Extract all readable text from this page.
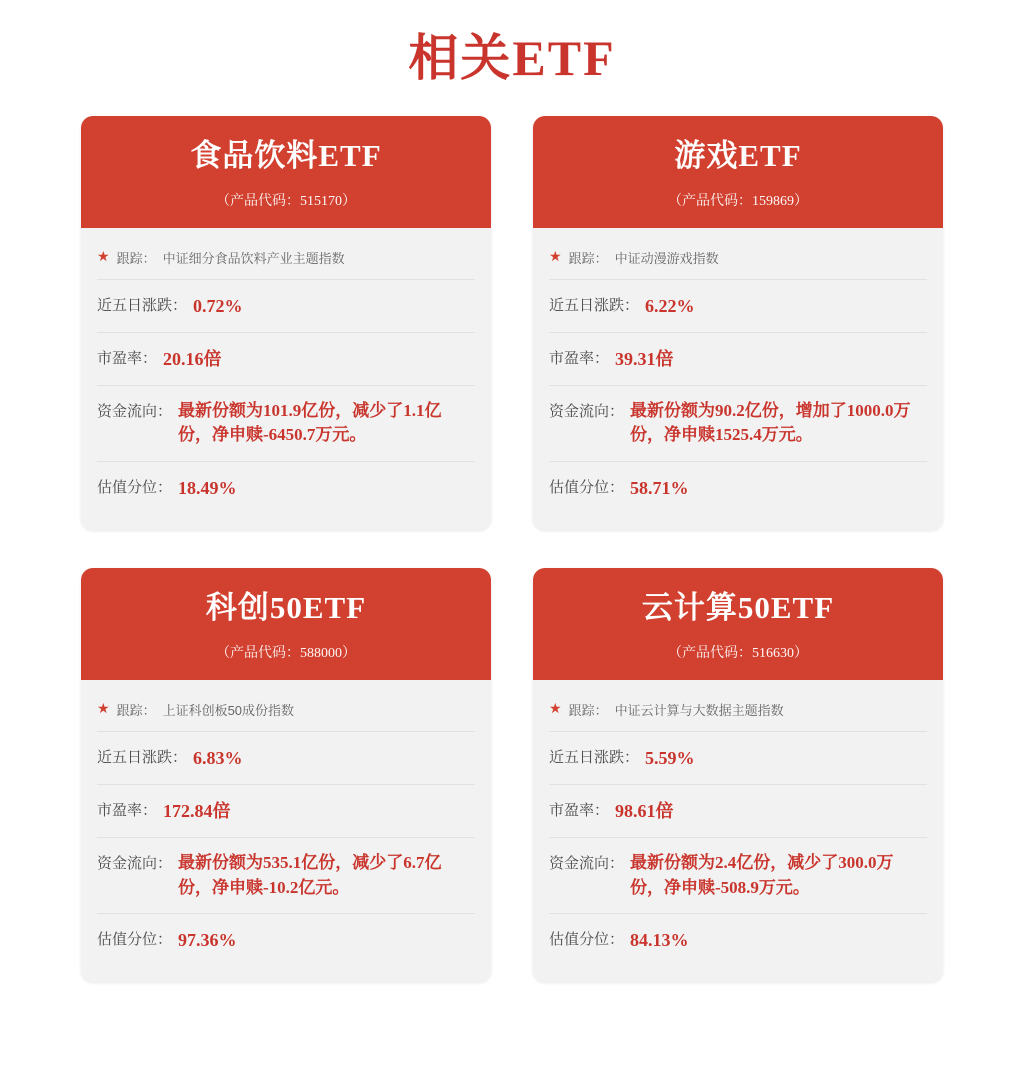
相关ETF
食品饮料ETF
（产品代码：515170）
★ 跟踪： 中证细分食品饮料产业主题指数
近五日涨跌： 0.72%
市盈率： 20.16倍
资金流向： 最新份额为101.9亿份，减少了1.1亿份，净申赎-6450.7万元。
估值分位： 18.49%
游戏ETF
（产品代码：159869）
★ 跟踪： 中证动漫游戏指数
近五日涨跌： 6.22%
市盈率： 39.31倍
资金流向： 最新份额为90.2亿份，增加了1000.0万份，净申赎1525.4万元。
估值分位： 58.71%
科创50ETF
（产品代码：588000）
★ 跟踪： 上证科创板50成份指数
近五日涨跌： 6.83%
市盈率： 172.84倍
资金流向： 最新份额为535.1亿份，减少了6.7亿份，净申赎-10.2亿元。
估值分位： 97.36%
云计算50ETF
（产品代码：516630）
★ 跟踪： 中证云计算与大数据主题指数
近五日涨跌： 5.59%
市盈率： 98.61倍
资金流向： 最新份额为2.4亿份，减少了300.0万份，净申赎-508.9万元。
估值分位： 84.13%
